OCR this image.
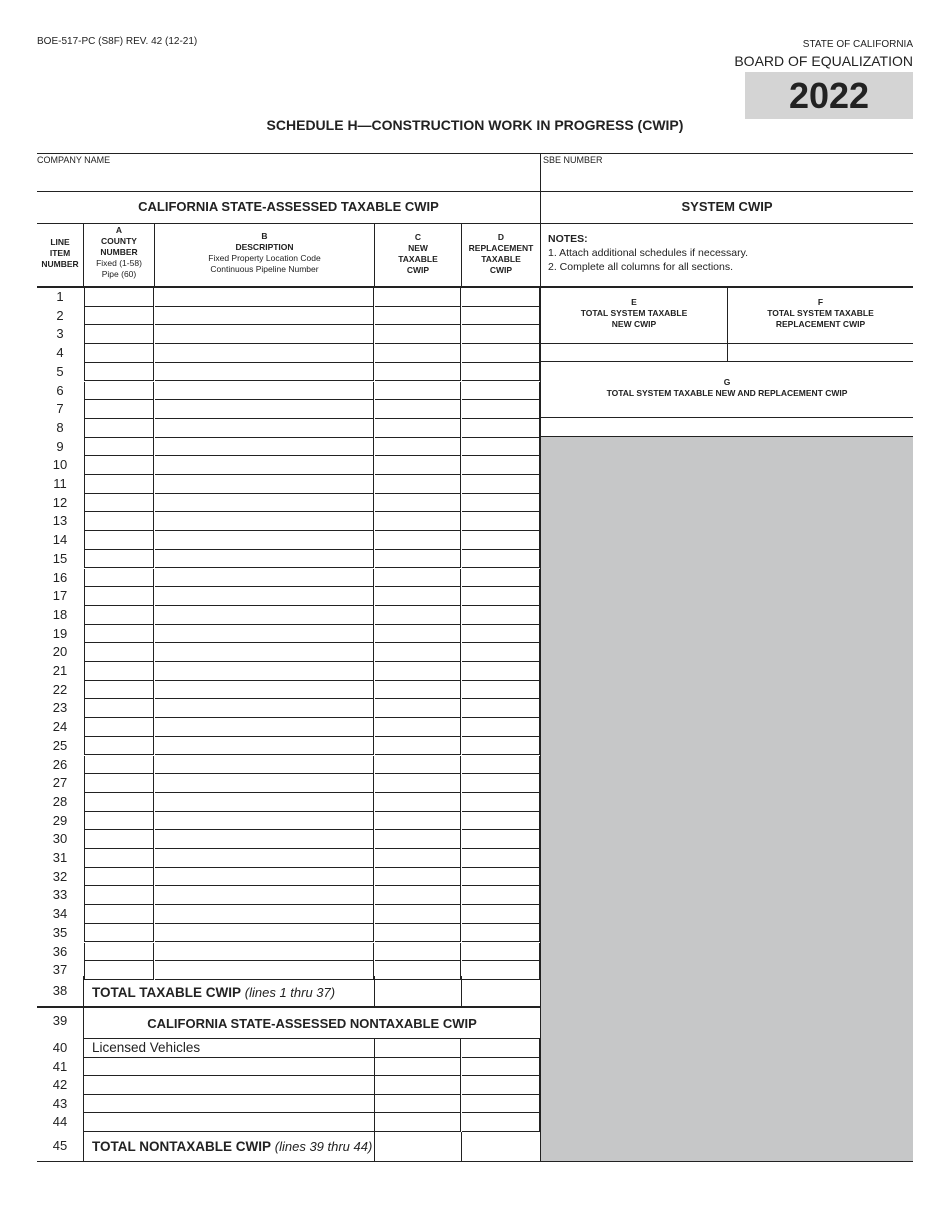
BOE-517-PC (S8F) REV. 42 (12-21)	STATE OF CALIFORNIA
BOARD OF EQUALIZATION
2022
SCHEDULE H—CONSTRUCTION WORK IN PROGRESS (CWIP)
COMPANY NAME	SBE NUMBER
CALIFORNIA STATE-ASSESSED TAXABLE CWIP	SYSTEM CWIP
LINE
ITEM
NUMBER
A
COUNTY
NUMBER
Fixed (1-58)
Pipe (60)
B
DESCRIPTION
Fixed Property Location Code
Continuous Pipeline Number
C
NEW
TAXABLE
CWIP
D
REPLACEMENT
TAXABLE
CWIP
NOTES:
1. Attach additional schedules if necessary.
2. Complete all columns for all sections.
E
TOTAL SYSTEM TAXABLE
NEW CWIP
F
TOTAL SYSTEM TAXABLE
REPLACEMENT CWIP
G
TOTAL SYSTEM TAXABLE NEW AND REPLACEMENT CWIP
1
2
3
4
5
6
7
8
9
10
11
12
13
14
15
16
17
18
19
20
21
22
23
24
25
26
27
28
29
30
31
32
33
34
35
36
37
38	TOTAL TAXABLE CWIP (lines 1 thru 37)
39	CALIFORNIA STATE-ASSESSED NONTAXABLE CWIP
40	Licensed Vehicles
41
42
43
44
45	TOTAL NONTAXABLE CWIP (lines 39 thru 44)
